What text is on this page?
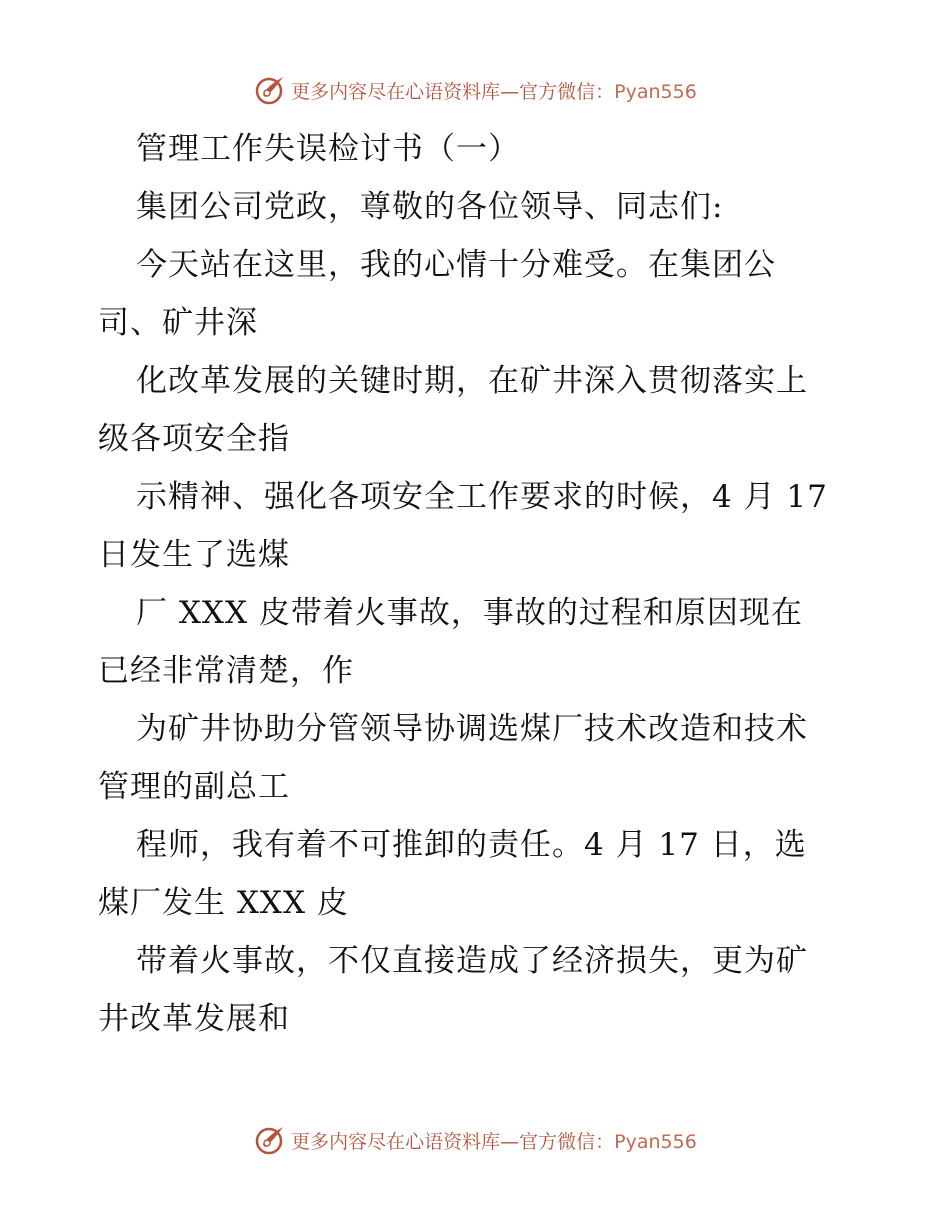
更多内容尽在心语资料库—官方微信：Pyan556
管理工作失误检讨书（一）
集团公司党政，尊敬的各位领导、同志们:
今天站在这里，我的心情十分难受。在集团公
司、矿井深
化改革发展的关键时期，在矿井深入贯彻落实上
级各项安全指
示精神、强化各项安全工作要求的时候，4 月 17
日发生了选煤
厂 XXX 皮带着火事故，事故的过程和原因现在
已经非常清楚，作
为矿井协助分管领导协调选煤厂技术改造和技术
管理的副总工
程师，我有着不可推卸的责任。4 月 17 日，选
煤厂发生 XXX 皮
带着火事故，不仅直接造成了经济损失，更为矿
井改革发展和
更多内容尽在心语资料库—官方微信：Pyan556
